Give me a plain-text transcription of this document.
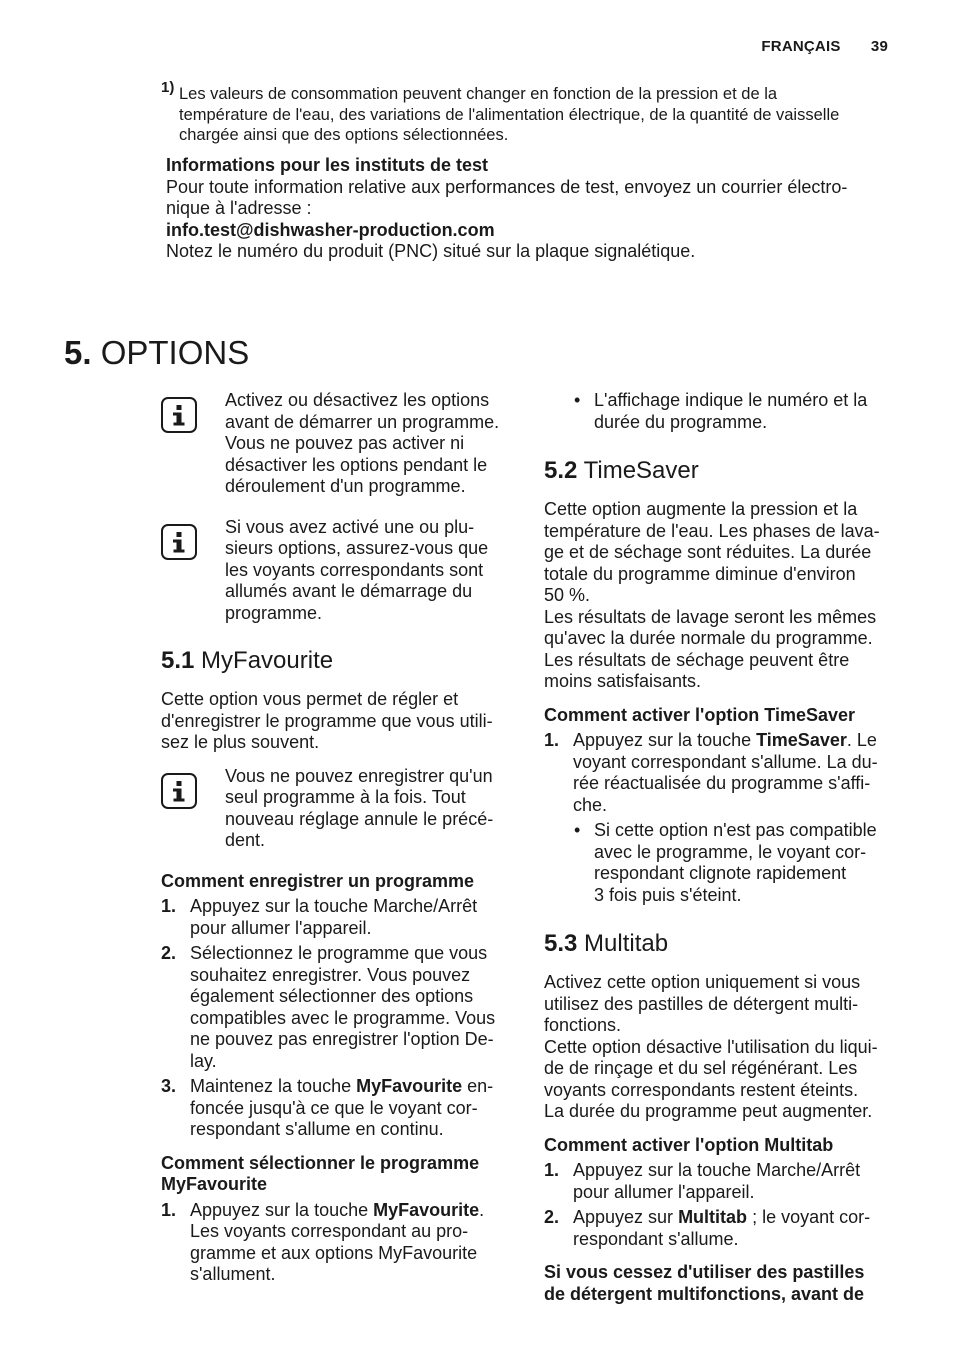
FRANÇAIS 39
1) Les valeurs de consommation peuvent changer en fonction de la pression et de la
température de l'eau, des variations de l'alimentation électrique, de la quantité de vaisselle
chargée ainsi que des options sélectionnées.
Informations pour les instituts de test
Pour toute information relative aux performances de test, envoyez un courrier électro-
nique à l'adresse :
info.test@dishwasher-production.com
Notez le numéro du produit (PNC) situé sur la plaque signalétique.
5. OPTIONS
Activez ou désactivez les options
avant de démarrer un programme.
Vous ne pouvez pas activer ni
désactiver les options pendant le
déroulement d'un programme.
Si vous avez activé une ou plu-
sieurs options, assurez-vous que
les voyants correspondants sont
allumés avant le démarrage du
programme.
5.1 MyFavourite
Cette option vous permet de régler et
d'enregistrer le programme que vous utili-
sez le plus souvent.
Vous ne pouvez enregistrer qu'un
seul programme à la fois. Tout
nouveau réglage annule le précé-
dent.
Comment enregistrer un programme
1. Appuyez sur la touche Marche/Arrêt
pour allumer l'appareil.
2. Sélectionnez le programme que vous
souhaitez enregistrer. Vous pouvez
également sélectionner des options
compatibles avec le programme. Vous
ne pouvez pas enregistrer l'option De-
lay.
3. Maintenez la touche MyFavourite en-
foncée jusqu'à ce que le voyant cor-
respondant s'allume en continu.
Comment sélectionner le programme
MyFavourite
1. Appuyez sur la touche MyFavourite.
Les voyants correspondant au pro-
gramme et aux options MyFavourite
s'allument.
• L'affichage indique le numéro et la
durée du programme.
5.2 TimeSaver
Cette option augmente la pression et la
température de l'eau. Les phases de lava-
ge et de séchage sont réduites. La durée
totale du programme diminue d'environ
50 %.
Les résultats de lavage seront les mêmes
qu'avec la durée normale du programme.
Les résultats de séchage peuvent être
moins satisfaisants.
Comment activer l'option TimeSaver
1. Appuyez sur la touche TimeSaver. Le
voyant correspondant s'allume. La du-
rée réactualisée du programme s'affi-
che.
• Si cette option n'est pas compatible
avec le programme, le voyant cor-
respondant clignote rapidement
3 fois puis s'éteint.
5.3 Multitab
Activez cette option uniquement si vous
utilisez des pastilles de détergent multi-
fonctions.
Cette option désactive l'utilisation du liqui-
de de rinçage et du sel régénérant. Les
voyants correspondants restent éteints.
La durée du programme peut augmenter.
Comment activer l'option Multitab
1. Appuyez sur la touche Marche/Arrêt
pour allumer l'appareil.
2. Appuyez sur Multitab ; le voyant cor-
respondant s'allume.
Si vous cessez d'utiliser des pastilles
de détergent multifonctions, avant de
